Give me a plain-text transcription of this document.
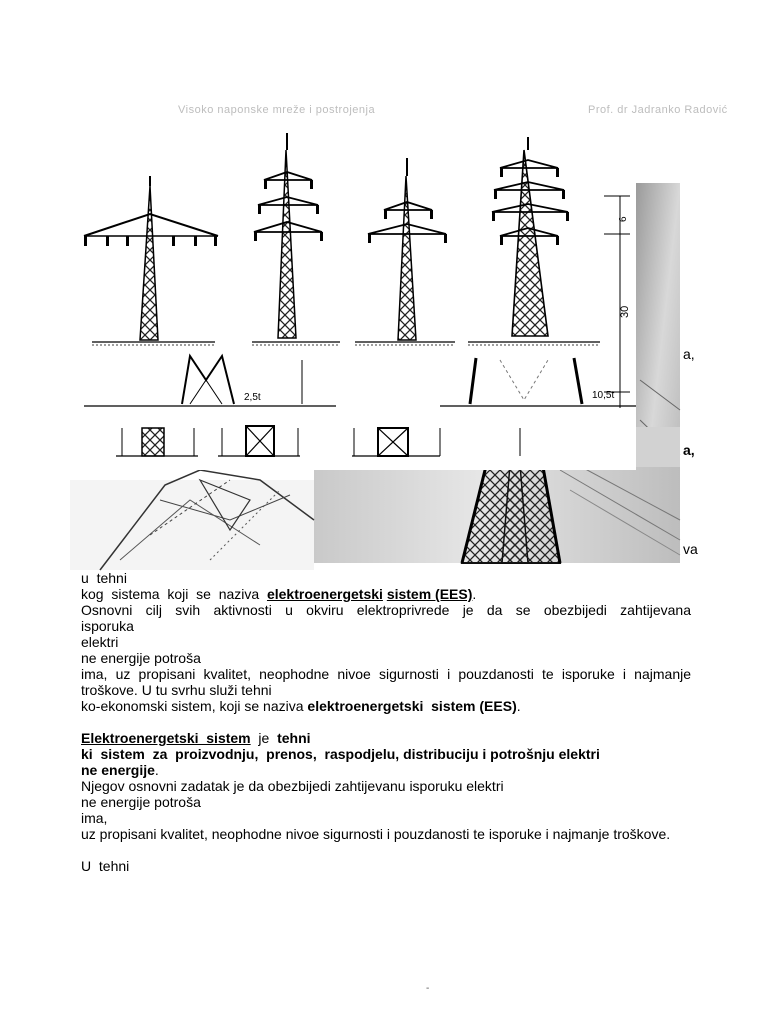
Visoko naponske mreže i postrojenja	Prof. dr Jadranko Radović
6
30
2,5t	10,5t
a,
a,
va
u  tehni
kog  sistema  koji  se  naziva  elektroenergetski sistem (EES).
Osnovni  cilj  svih  aktivnosti  u  okviru  elektroprivrede  je  da  se  obezbijedi  zahtijevana  isporuka
elektri
ne energije potroša
ima, uz propisani kvalitet, neophodne nivoe sigurnosti i pouzdanosti te isporuke i najmanje
troškove. U tu svrhu služi tehni
ko-ekonomski sistem, koji se naziva elektroenergetski  sistem (EES).
Elektroenergetski  sistem  je  tehni
ki  sistem  za  proizvodnju,  prenos,  raspodjelu, distribuciju i potrošnju elektri
ne energije.
Njegov osnovni zadatak je da obezbijedi zahtijevanu isporuku elektri
ne energije potroša
ima,
uz propisani kvalitet, neophodne nivoe sigurnosti i pouzdanosti te isporuke i najmanje troškove.
U  tehni
-
